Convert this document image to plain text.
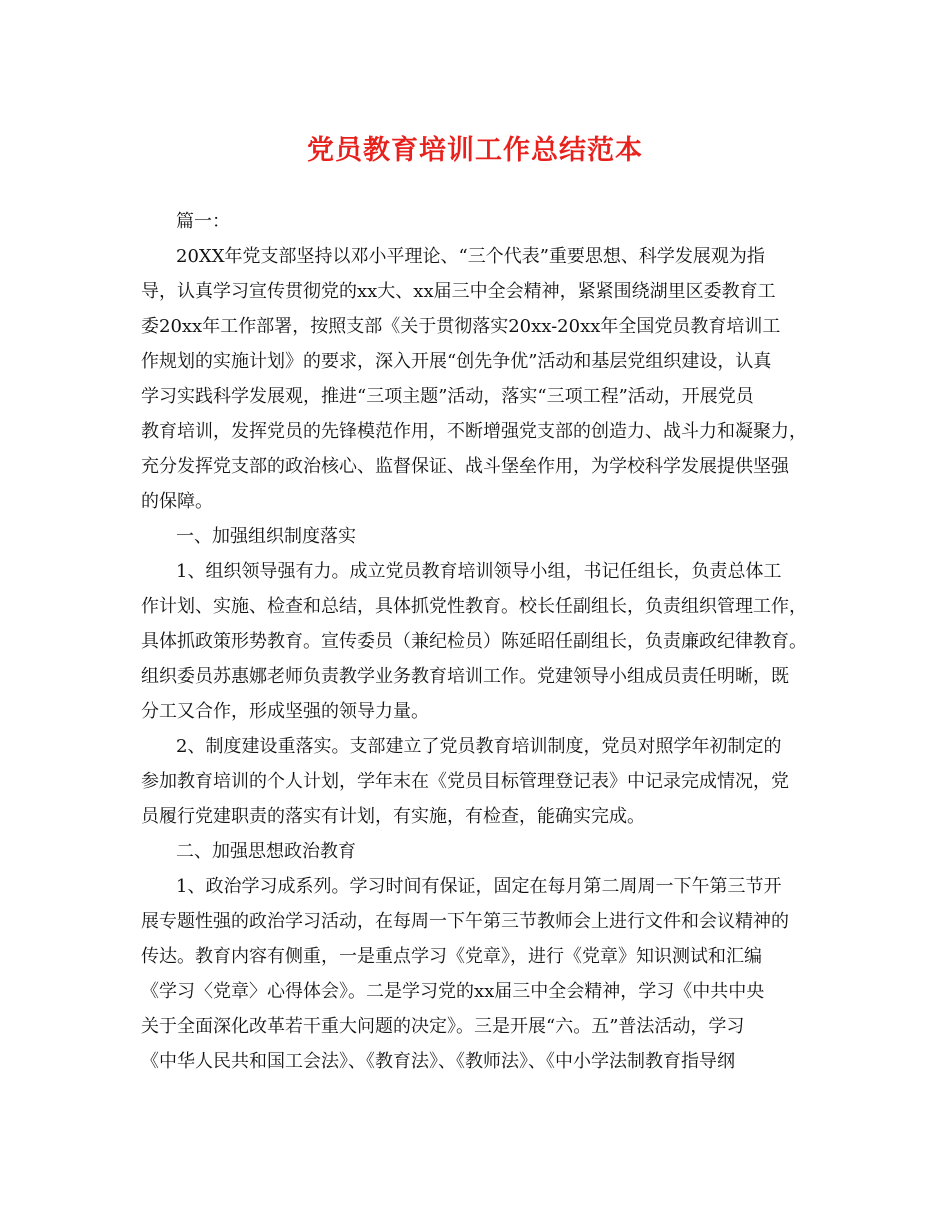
党员教育培训工作总结范本
篇一：
20XX年党支部坚持以邓小平理论、“三个代表”重要思想、科学发展观为指
导，认真学习宣传贯彻党的xx大、xx届三中全会精神，紧紧围绕湖里区委教育工
委20xx年工作部署，按照支部《关于贯彻落实20xx-20xx年全国党员教育培训工
作规划的实施计划》的要求，深入开展“创先争优”活动和基层党组织建设，认真
学习实践科学发展观，推进“三项主题”活动，落实“三项工程”活动，开展党员
教育培训，发挥党员的先锋模范作用，不断增强党支部的创造力、战斗力和凝聚力，
充分发挥党支部的政治核心、监督保证、战斗堡垒作用，为学校科学发展提供坚强
的保障。
一、加强组织制度落实
1、组织领导强有力。成立党员教育培训领导小组，书记任组长，负责总体工
作计划、实施、检查和总结，具体抓党性教育。校长任副组长，负责组织管理工作，
具体抓政策形势教育。宣传委员（兼纪检员）陈延昭任副组长，负责廉政纪律教育。
组织委员苏惠娜老师负责教学业务教育培训工作。党建领导小组成员责任明晰，既
分工又合作，形成坚强的领导力量。
2、制度建设重落实。支部建立了党员教育培训制度，党员对照学年初制定的
参加教育培训的个人计划，学年末在《党员目标管理登记表》中记录完成情况，党
员履行党建职责的落实有计划，有实施，有检查，能确实完成。
二、加强思想政治教育
1、政治学习成系列。学习时间有保证，固定在每月第二周周一下午第三节开
展专题性强的政治学习活动，在每周一下午第三节教师会上进行文件和会议精神的
传达。教育内容有侧重，一是重点学习《党章》，进行《党章》知识测试和汇编
《学习〈党章〉心得体会》。二是学习党的xx届三中全会精神，学习《中共中央
关于全面深化改革若干重大问题的决定》。三是开展“六。五”普法活动，学习
《中华人民共和国工会法》、《教育法》、《教师法》、《中小学法制教育指导纲
